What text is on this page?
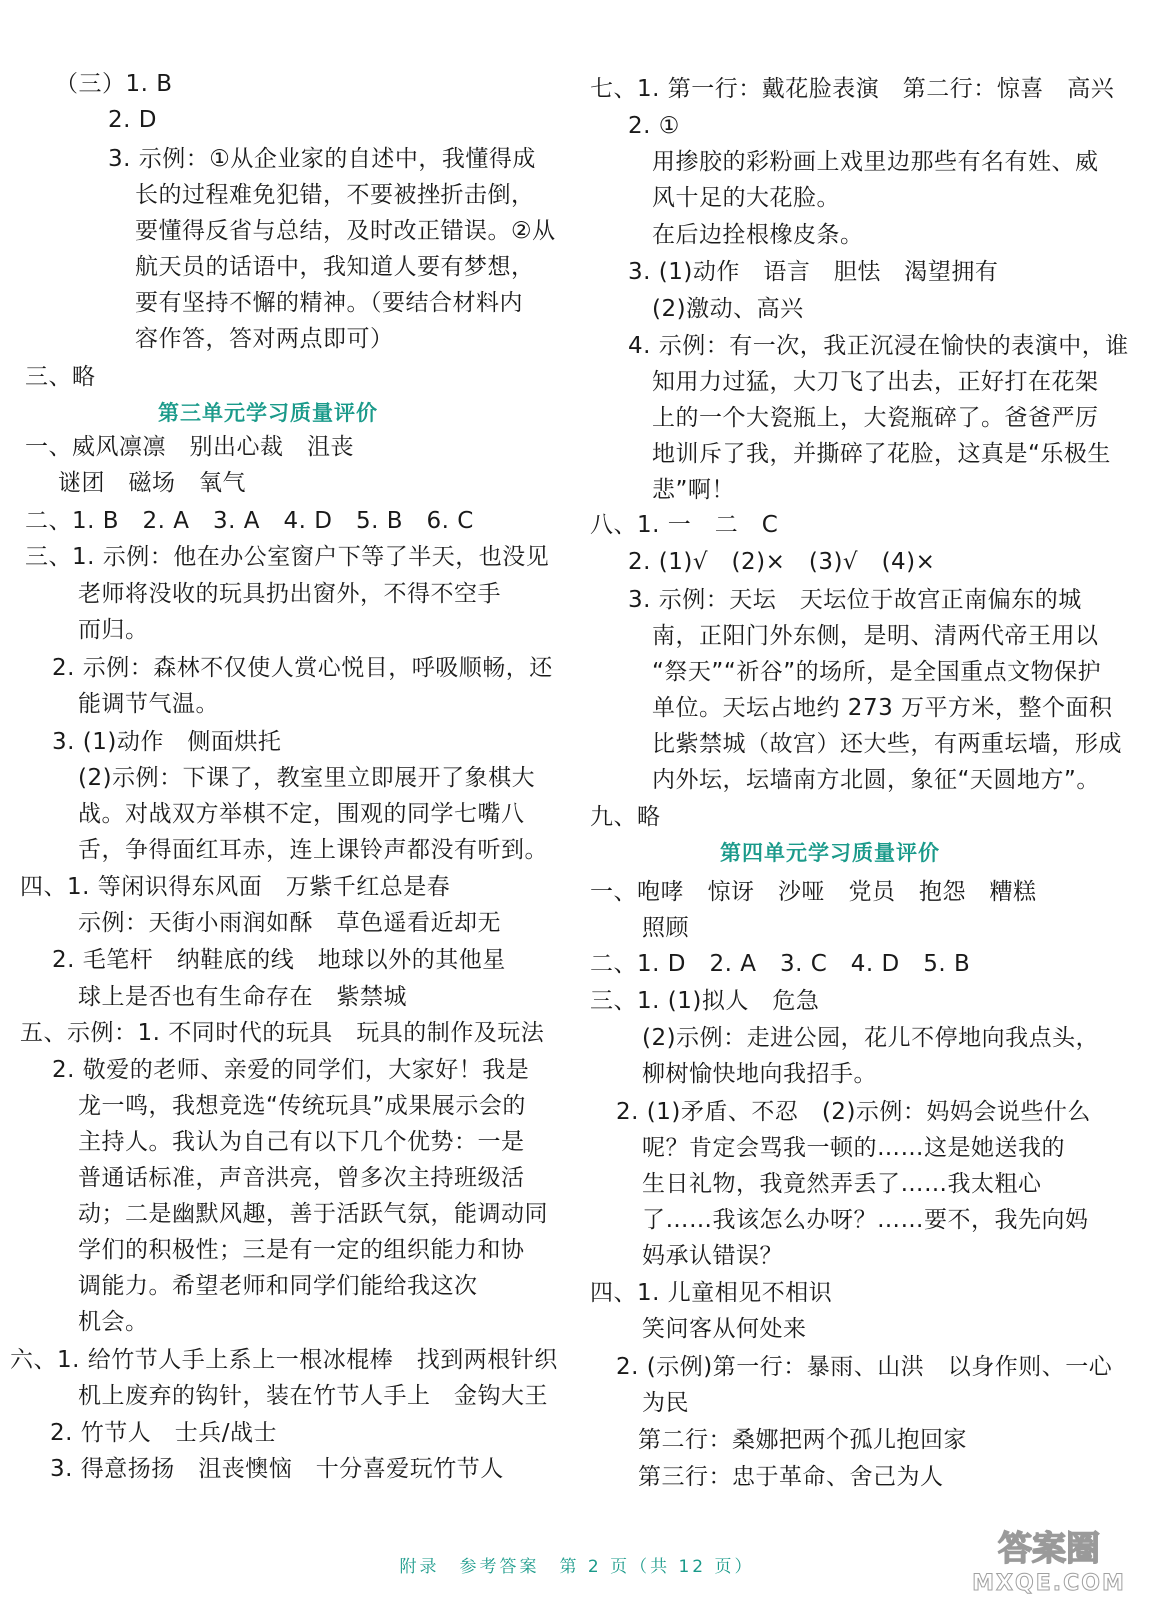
（三）1. B
2. D
3. 示例：①从企业家的自述中，我懂得成
长的过程难免犯错，不要被挫折击倒，
要懂得反省与总结，及时改正错误。②从
航天员的话语中，我知道人要有梦想，
要有坚持不懈的精神。（要结合材料内
容作答，答对两点即可）
三、略
一、威风凛凛　别出心裁　沮丧
谜团　磁场　氧气
二、1. B　2. A　3. A　4. D　5. B　6. C
三、1. 示例：他在办公室窗户下等了半天，也没见
老师将没收的玩具扔出窗外，不得不空手
而归。
2. 示例：森林不仅使人赏心悦目，呼吸顺畅，还
能调节气温。
3. (1)动作　侧面烘托
(2)示例：下课了，教室里立即展开了象棋大
战。对战双方举棋不定，围观的同学七嘴八
舌，争得面红耳赤，连上课铃声都没有听到。
四、1. 等闲识得东风面　万紫千红总是春
示例：天街小雨润如酥　草色遥看近却无
2. 毛笔杆　纳鞋底的线　地球以外的其他星
球上是否也有生命存在　紫禁城
五、示例：1. 不同时代的玩具　玩具的制作及玩法
2. 敬爱的老师、亲爱的同学们，大家好！我是
龙一鸣，我想竞选“传统玩具”成果展示会的
主持人。我认为自己有以下几个优势：一是
普通话标准，声音洪亮，曾多次主持班级活
动；二是幽默风趣，善于活跃气氛，能调动同
学们的积极性；三是有一定的组织能力和协
调能力。希望老师和同学们能给我这次
机会。
六、1. 给竹节人手上系上一根冰棍棒　找到两根针织
机上废弃的钩针，装在竹节人手上　金钩大王
2. 竹节人　士兵/战士
3. 得意扬扬　沮丧懊恼　十分喜爱玩竹节人
七、1. 第一行：戴花脸表演　第二行：惊喜　高兴
2. ①
用掺胶的彩粉画上戏里边那些有名有姓、威
风十足的大花脸。
在后边拴根橡皮条。
3. (1)动作　语言　胆怯　渴望拥有
(2)激动、高兴
4. 示例：有一次，我正沉浸在愉快的表演中，谁
知用力过猛，大刀飞了出去，正好打在花架
上的一个大瓷瓶上，大瓷瓶碎了。爸爸严厉
地训斥了我，并撕碎了花脸，这真是“乐极生
悲”啊！
八、1. 一　二　C
2. (1)√　(2)×　(3)√　(4)×
3. 示例：天坛　天坛位于故宫正南偏东的城
南，正阳门外东侧，是明、清两代帝王用以
“祭天”“祈谷”的场所，是全国重点文物保护
单位。天坛占地约 273 万平方米，整个面积
比紫禁城（故宫）还大些，有两重坛墙，形成
内外坛，坛墙南方北圆，象征“天圆地方”。
九、略
一、咆哮　惊讶　沙哑　党员　抱怨　糟糕
照顾
二、1. D　2. A　3. C　4. D　5. B
三、1. (1)拟人　危急
(2)示例：走进公园，花儿不停地向我点头，
柳树愉快地向我招手。
2. (1)矛盾、不忍　(2)示例：妈妈会说些什么
呢？肯定会骂我一顿的……这是她送我的
生日礼物，我竟然弄丢了……我太粗心
了……我该怎么办呀？……要不，我先向妈
妈承认错误？
四、1. 儿童相见不相识
笑问客从何处来
2. (示例)第一行：暴雨、山洪　以身作则、一心
为民
第二行：桑娜把两个孤儿抱回家
第三行：忠于革命、舍己为人
第三单元学习质量评价
第四单元学习质量评价
附录　参考答案　第 2 页（共 12 页）	答案圈
MXQE.COM
